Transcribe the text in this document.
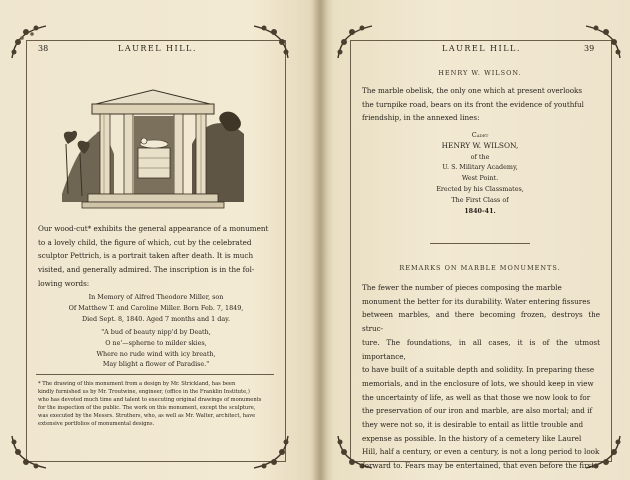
38	LAUREL HILL.

Our wood-cut* exhibits the general appearance of a monument

to a lovely child, the figure of which, cut by the celebrated

sculptor Pettrich, is a portrait taken after death. It is much

visited, and generally admired. The inscription is in the fol-

lowing words:

In Memory of Alfred Theodore Miller, son
Of Matthew T. and Caroline Miller. Born Feb. 7, 1849,
Died Sept. 8, 1840. Aged 7 months and 1 day.
"A bud of beauty nipp'd by Death,
O ne'—spherne to milder skies,
Where no rude wind with icy breath,
May blight a flower of Paradise."

* The drawing of this monument from a design by Mr. Strickland, has been

kindly furnished us by Mr. Troutwine, engineer, (office in the Franklin Institute,)

who has devoted much time and talent to executing original drawings of monuments

for the inspection of the public. The work on this monument, except the sculpture,

was executed by the Messrs. Struthers, who, as well as Mr. Walter, architect, have

extensive portfolios of monumental designs.

LAUREL HILL.	39
HENRY W. WILSON.

The marble obelisk, the only one which at present overlooks

the turnpike road, bears on its front the evidence of youthful

friendship, in the annexed lines:

Cadet
HENRY W. WILSON,
of the
U. S. Military Academy,
West Point.
Erected by his Classmates,
The First Class of
1840-41.
REMARKS ON MARBLE MONUMENTS.

The fewer the number of pieces composing the marble

monument the better for its durability. Water entering fissures

between marbles, and there becoming frozen, destroys the struc-

ture. The foundations, in all cases, it is of the utmost importance,

to have built of a suitable depth and solidity. In preparing these

memorials, and in the enclosure of lots, we should keep in view

the uncertainty of life, as well as that those we now look to for

the preservation of our iron and marble, are also mortal; and if

they were not so, it is desirable to entail as little trouble and

expense as possible. In the history of a cemetery like Laurel

Hill, half a century, or even a century, is not a long period to look

forward to. Fears may be entertained, that even before the first
